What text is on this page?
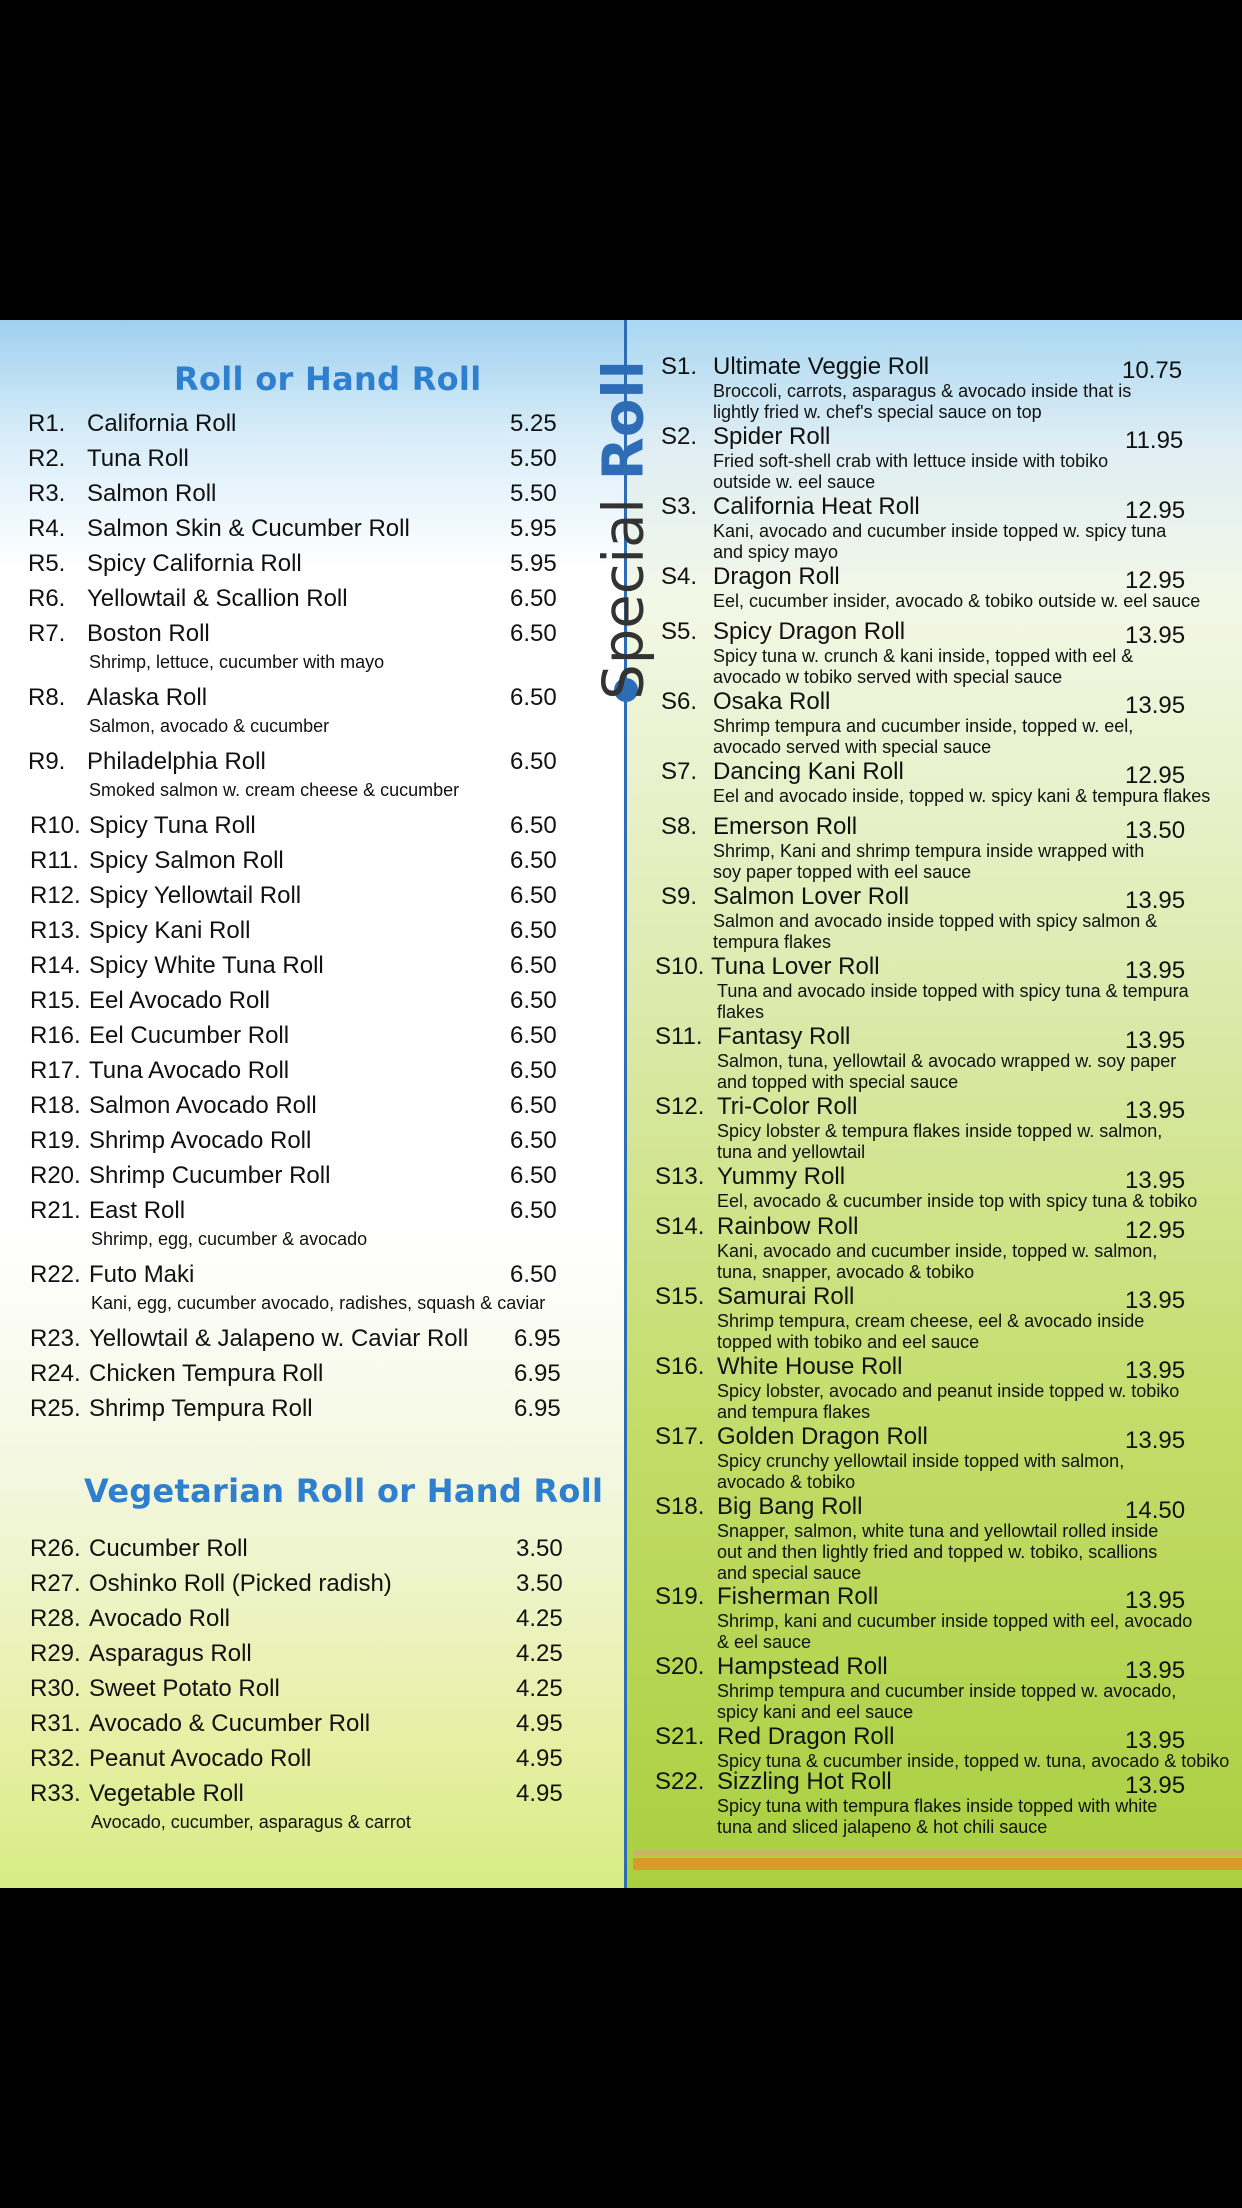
Roll or Hand Roll
Vegetarian Roll or Hand Roll
R1. California Roll	5.25
R2. Tuna Roll	5.50
R3. Salmon Roll	5.50
R4. Salmon Skin & Cucumber Roll	5.95
R5. Spicy California Roll	5.95
R6. Yellowtail & Scallion Roll	6.50
R7. Boston Roll	6.50
Shrimp, lettuce, cucumber with mayo
R8. Alaska Roll	6.50
Salmon, avocado & cucumber
R9. Philadelphia Roll	6.50
Smoked salmon w. cream cheese & cucumber
R10. Spicy Tuna Roll	6.50
R11. Spicy Salmon Roll	6.50
R12. Spicy Yellowtail Roll	6.50
R13. Spicy Kani Roll	6.50
R14. Spicy White Tuna Roll	6.50
R15. Eel Avocado Roll	6.50
R16. Eel Cucumber Roll	6.50
R17. Tuna Avocado Roll	6.50
R18. Salmon Avocado Roll	6.50
R19. Shrimp Avocado Roll	6.50
R20. Shrimp Cucumber Roll	6.50
R21. East Roll	6.50
Shrimp, egg, cucumber & avocado
R22. Futo Maki	6.50
Kani, egg, cucumber avocado, radishes, squash & caviar
R23. Yellowtail & Jalapeno w. Caviar Roll 6.95
R24. Chicken Tempura Roll	6.95
R25. Shrimp Tempura Roll	6.95
R26. Cucumber Roll	3.50
R27. Oshinko Roll (Picked radish)	3.50
R28. Avocado Roll	4.25
R29. Asparagus Roll	4.25
R30. Sweet Potato Roll	4.25
R31. Avocado & Cucumber Roll	4.95
R32. Peanut Avocado Roll	4.95
R33. Vegetable Roll	4.95
Avocado, cucumber, asparagus & carrot
S1. Ultimate Veggie Roll	10.75
Broccoli, carrots, asparagus & avocado inside that is
lightly fried w. chef's special sauce on top
S2. Spider Roll	11.95
Fried soft-shell crab with lettuce inside with tobiko
outside w. eel sauce
S3. California Heat Roll	12.95
Kani, avocado and cucumber inside topped w. spicy tuna
and spicy mayo
S4. Dragon Roll	12.95
Eel, cucumber insider, avocado & tobiko outside w. eel sauce
S5. Spicy Dragon Roll	13.95
Spicy tuna w. crunch & kani inside, topped with eel &
avocado w tobiko served with special sauce
S6. Osaka Roll	13.95
Shrimp tempura and cucumber inside, topped w. eel,
avocado served with special sauce
S7. Dancing Kani Roll	12.95
Eel and avocado inside, topped w. spicy kani & tempura flakes
S8. Emerson Roll	13.50
Shrimp, Kani and shrimp tempura inside wrapped with
soy paper topped with eel sauce
S9. Salmon Lover Roll	13.95
Salmon and avocado inside topped with spicy salmon &
tempura flakes
S10. Tuna Lover Roll	13.95
Tuna and avocado inside topped with spicy tuna & tempura
flakes
S11. Fantasy Roll	13.95
Salmon, tuna, yellowtail & avocado wrapped w. soy paper
and topped with special sauce
S12. Tri-Color Roll	13.95
Spicy lobster & tempura flakes inside topped w. salmon,
tuna and yellowtail
S13. Yummy Roll	13.95
Eel, avocado & cucumber inside top with spicy tuna & tobiko
S14. Rainbow Roll	12.95
Kani, avocado and cucumber inside, topped w. salmon,
tuna, snapper, avocado & tobiko
S15. Samurai Roll	13.95
Shrimp tempura, cream cheese, eel & avocado inside
topped with tobiko and eel sauce
S16. White House Roll	13.95
Spicy lobster, avocado and peanut inside topped w. tobiko
and tempura flakes
S17. Golden Dragon Roll	13.95
Spicy crunchy yellowtail inside topped with salmon,
avocado & tobiko
S18. Big Bang Roll	14.50
Snapper, salmon, white tuna and yellowtail rolled inside
out and then lightly fried and topped w. tobiko, scallions
and special sauce
S19. Fisherman Roll	13.95
Shrimp, kani and cucumber inside topped with eel, avocado
& eel sauce
S20. Hampstead Roll	13.95
Shrimp tempura and cucumber inside topped w. avocado,
spicy kani and eel sauce
S21. Red Dragon Roll	13.95
Spicy tuna & cucumber inside, topped w. tuna, avocado & tobiko
S22. Sizzling Hot Roll	13.95
Spicy tuna with tempura flakes inside topped with white
tuna and sliced jalapeno & hot chili sauce
Special Roll
